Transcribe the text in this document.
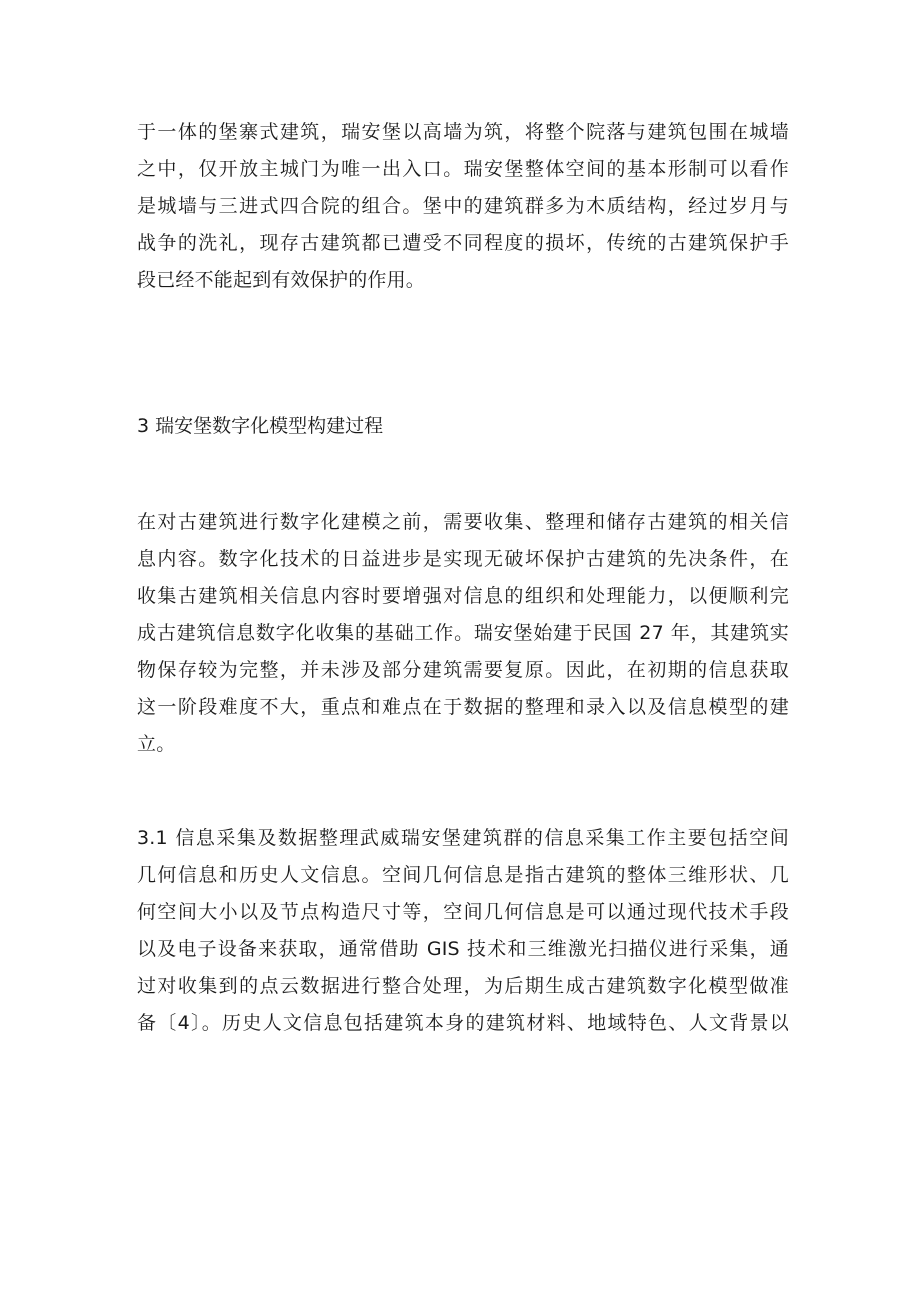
于一体的堡寨式建筑，瑞安堡以高墙为筑，将整个院落与建筑包围在城墙
之中，仅开放主城门为唯一出入口。瑞安堡整体空间的基本形制可以看作
是城墙与三进式四合院的组合。堡中的建筑群多为木质结构，经过岁月与
战争的洗礼，现存古建筑都已遭受不同程度的损坏，传统的古建筑保护手
段已经不能起到有效保护的作用。
3 瑞安堡数字化模型构建过程
在对古建筑进行数字化建模之前，需要收集、整理和储存古建筑的相关信
息内容。数字化技术的日益进步是实现无破坏保护古建筑的先决条件，在
收集古建筑相关信息内容时要增强对信息的组织和处理能力，以便顺利完
成古建筑信息数字化收集的基础工作。瑞安堡始建于民国 27 年，其建筑实
物保存较为完整，并未涉及部分建筑需要复原。因此，在初期的信息获取
这一阶段难度不大，重点和难点在于数据的整理和录入以及信息模型的建
立。
3.1 信息采集及数据整理武威瑞安堡建筑群的信息采集工作主要包括空间
几何信息和历史人文信息。空间几何信息是指古建筑的整体三维形状、几
何空间大小以及节点构造尺寸等，空间几何信息是可以通过现代技术手段
以及电子设备来获取，通常借助 GIS 技术和三维激光扫描仪进行采集，通
过对收集到的点云数据进行整合处理，为后期生成古建筑数字化模型做准
备〔4〕。历史人文信息包括建筑本身的建筑材料、地域特色、人文背景以
